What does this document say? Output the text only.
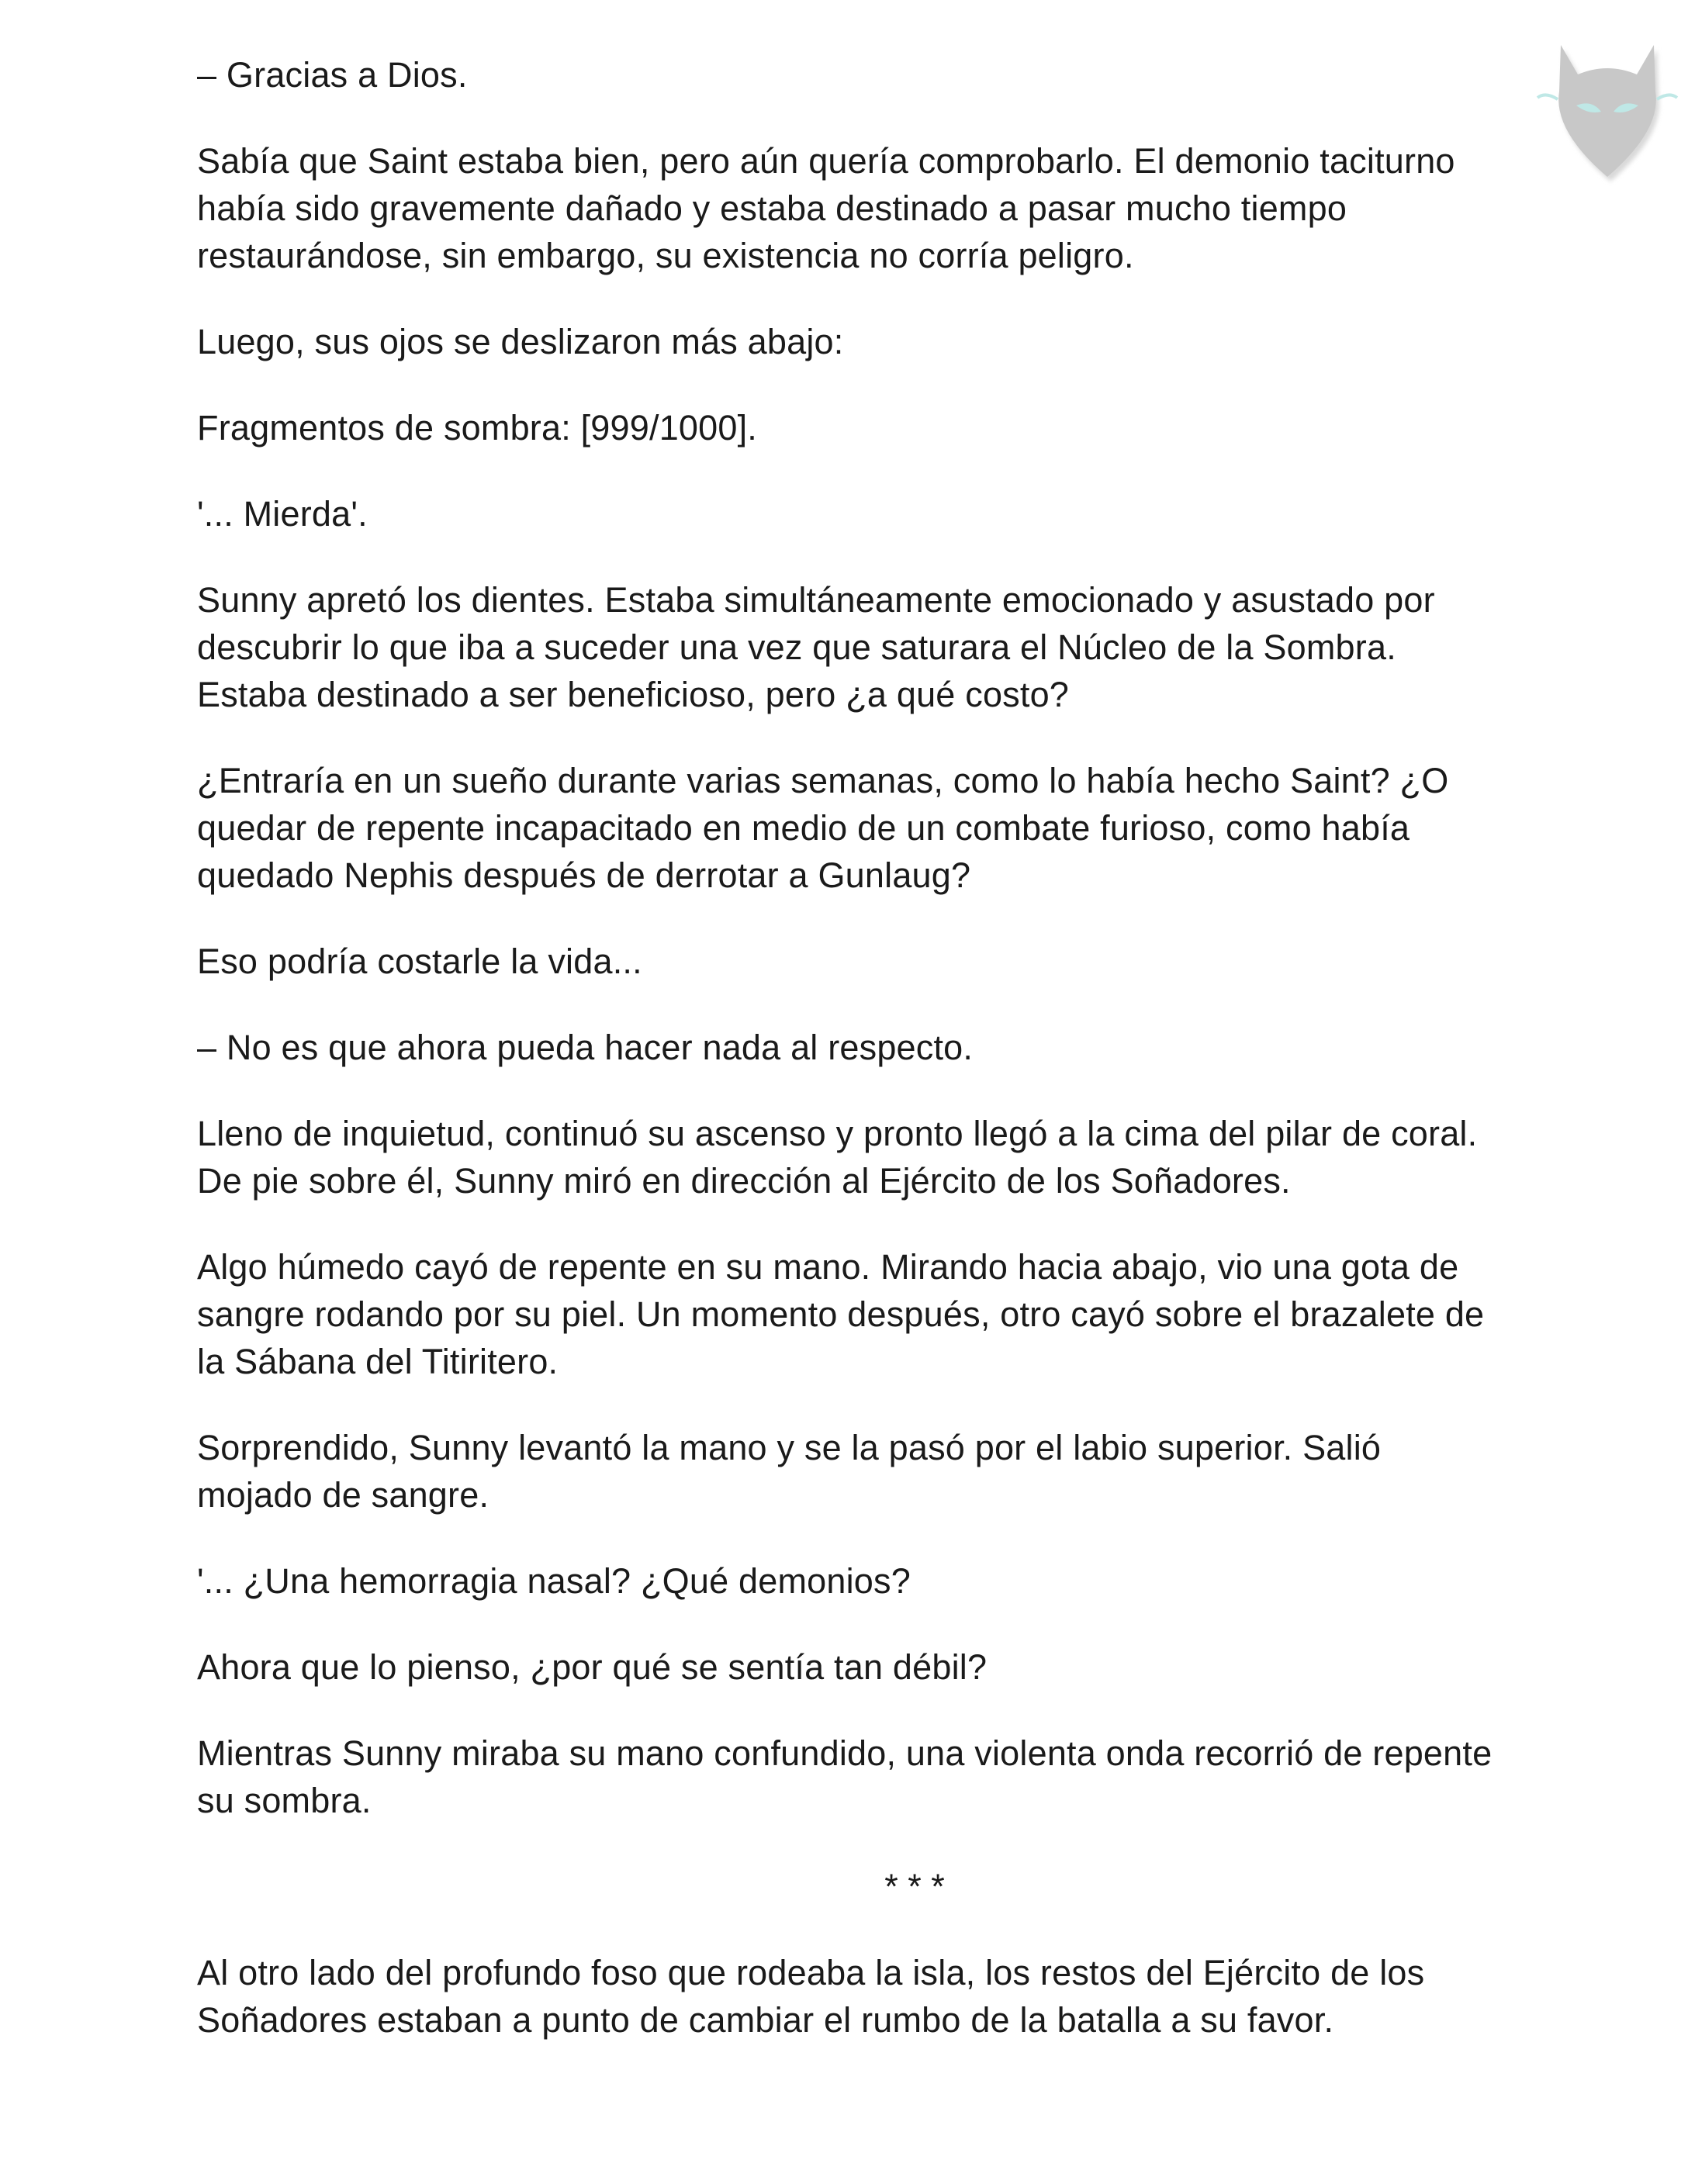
– Gracias a Dios.

Sabía que Saint estaba bien, pero aún quería comprobarlo. El demonio taciturno había sido gravemente dañado y estaba destinado a pasar mucho tiempo restaurándose, sin embargo, su existencia no corría peligro.

Luego, sus ojos se deslizaron más abajo:

Fragmentos de sombra: [999/1000].

'... Mierda'.

Sunny apretó los dientes. Estaba simultáneamente emocionado y asustado por descubrir lo que iba a suceder una vez que saturara el Núcleo de la Sombra. Estaba destinado a ser beneficioso, pero ¿a qué costo?

¿Entraría en un sueño durante varias semanas, como lo había hecho Saint? ¿O quedar de repente incapacitado en medio de un combate furioso, como había quedado Nephis después de derrotar a Gunlaug?

Eso podría costarle la vida...

– No es que ahora pueda hacer nada al respecto.

Lleno de inquietud, continuó su ascenso y pronto llegó a la cima del pilar de coral. De pie sobre él, Sunny miró en dirección al Ejército de los Soñadores.

Algo húmedo cayó de repente en su mano. Mirando hacia abajo, vio una gota de sangre rodando por su piel. Un momento después, otro cayó sobre el brazalete de la Sábana del Titiritero.

Sorprendido, Sunny levantó la mano y se la pasó por el labio superior. Salió mojado de sangre.

'... ¿Una hemorragia nasal? ¿Qué demonios?

Ahora que lo pienso, ¿por qué se sentía tan débil?

Mientras Sunny miraba su mano confundido, una violenta onda recorrió de repente su sombra.

* * *

Al otro lado del profundo foso que rodeaba la isla, los restos del Ejército de los Soñadores estaban a punto de cambiar el rumbo de la batalla a su favor.
